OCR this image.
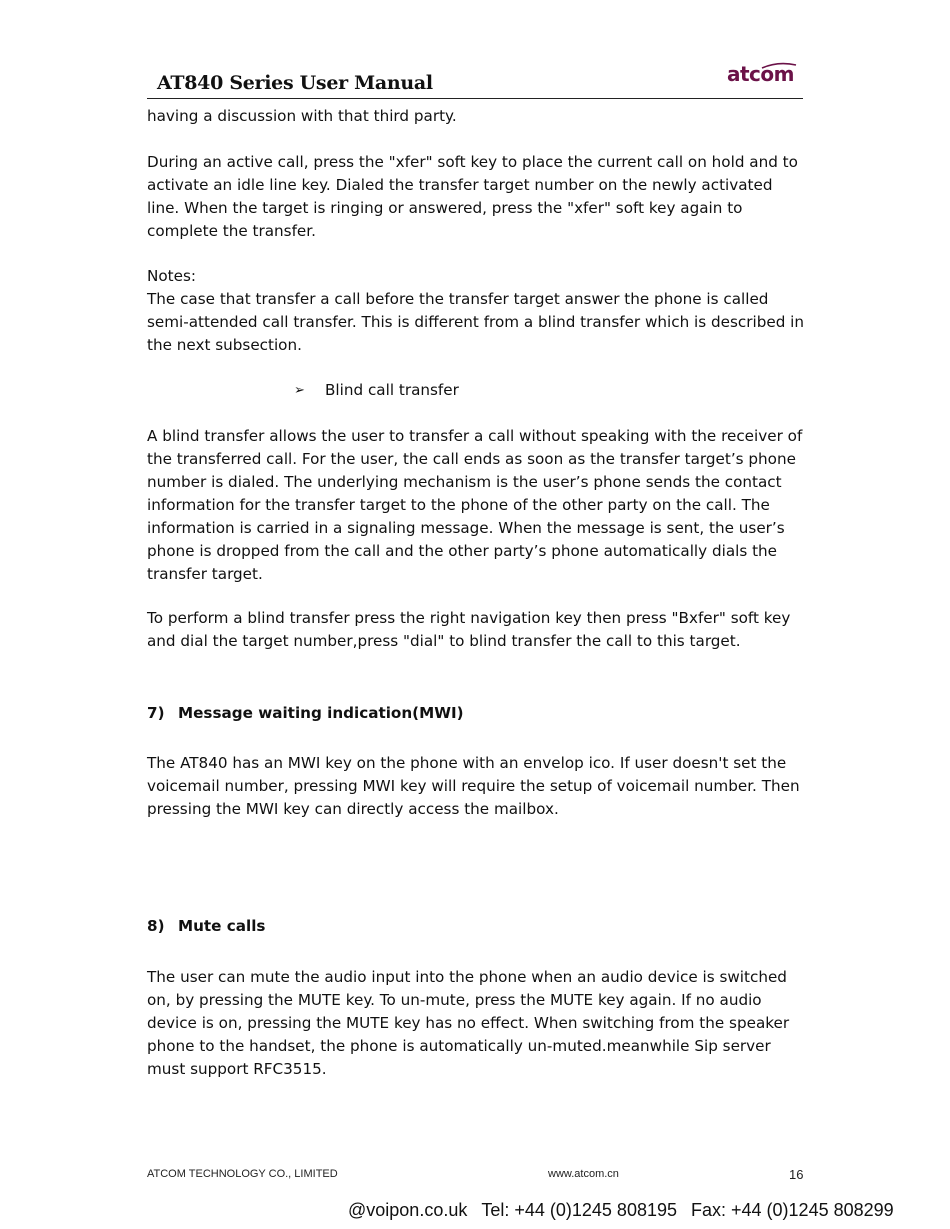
AT840 Series User Manual	atcom

having a discussion with that third party.

During an active call, press the "xfer" soft key to place the current call on hold and to activate an idle line key. Dialed the transfer target number on the newly activated line. When the target is ringing or answered, press the "xfer" soft key again to complete the transfer.

Notes:

The case that transfer a call before the transfer target answer the phone is called semi-attended call transfer. This is different from a blind transfer which is described in the next subsection.

➢ Blind call transfer

A blind transfer allows the user to transfer a call without speaking with the receiver of the transferred call. For the user, the call ends as soon as the transfer target’s phone number is dialed. The underlying mechanism is the user’s phone sends the contact information for the transfer target to the phone of the other party on the call. The information is carried in a signaling message. When the message is sent, the user’s phone is dropped from the call and the other party’s phone automatically dials the transfer target.

To perform a blind transfer press the right navigation key then press "Bxfer" soft key and dial the target number,press "dial" to blind transfer the call to this target.

7) Message waiting indication(MWI)

The AT840 has an MWI key on the phone with an envelop ico. If user doesn't set the voicemail number, pressing MWI key will require the setup of voicemail number. Then pressing the MWI key can directly access the mailbox.

8) Mute calls

The user can mute the audio input into the phone when an audio device is switched on, by pressing the MUTE key. To un-mute, press the MUTE key again. If no audio device is on, pressing the MUTE key has no effect. When switching from the speaker phone to the handset, the phone is automatically un-muted.meanwhile Sip server must support RFC3515.

ATCOM TECHNOLOGY CO., LIMITED	www.atcom.cn	16
@voipon.co.uk Tel: +44 (0)1245 808195 Fax: +44 (0)1245 808299
